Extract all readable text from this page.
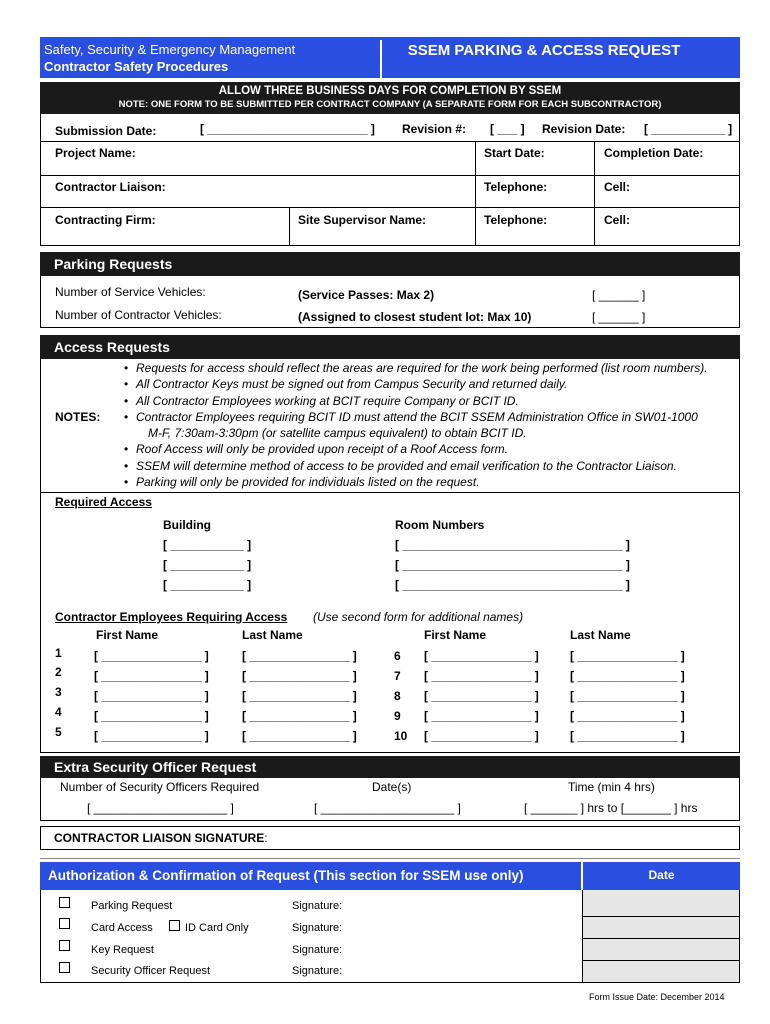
Safety, Security & Emergency Management
Contractor Safety Procedures
SSEM PARKING & ACCESS REQUEST
ALLOW THREE BUSINESS DAYS FOR COMPLETION BY SSEM
NOTE: ONE FORM TO BE SUBMITTED PER CONTRACT COMPANY (A SEPARATE FORM FOR EACH SUBCONTRACTOR)
Submission Date:	[ ________________________ ] Revision #: [ ___ ] Revision Date: [ ___________ ]
Project Name:	Start Date:	Completion Date:
Contractor Liaison:	Telephone:	Cell:
Contracting Firm:	Site Supervisor Name:	Telephone:	Cell:
Parking Requests
Number of Service Vehicles:	(Service Passes: Max 2)	[ ______ ]
Number of Contractor Vehicles:	(Assigned to closest student lot: Max 10)	[ ______ ]
Access Requests
NOTES:
• Requests for access should reflect the areas are required for the work being performed (list room numbers).
• All Contractor Keys must be signed out from Campus Security and returned daily.
• All Contractor Employees working at BCIT require Company or BCIT ID.
• Contractor Employees requiring BCIT ID must attend the BCIT SSEM Administration Office in SW01-1000
M-F, 7:30am-3:30pm (or satellite campus equivalent) to obtain BCIT ID.
• Roof Access will only be provided upon receipt of a Roof Access form.
• SSEM will determine method of access to be provided and email verification to the Contractor Liaison.
• Parking will only be provided for individuals listed on the request.
Required Access
Building	Room Numbers
[ ___________ ]	[ _________________________________ ]
[ ___________ ]	[ _________________________________ ]
[ ___________ ]	[ _________________________________ ]
Contractor Employees Requiring Access (Use second form for additional names)
First Name	Last Name	First Name	Last Name
1	[ _______________ ]	[ _______________ ]	6 [ _______________ ]	[ _______________ ]
2	[ _______________ ]	[ _______________ ]	7 [ _______________ ]	[ _______________ ]
3	[ _______________ ]	[ _______________ ]	8 [ _______________ ]	[ _______________ ]
4	[ _______________ ]	[ _______________ ]	9 [ _______________ ]	[ _______________ ]
5	[ _______________ ]	[ _______________ ]	10 [ _______________ ]	[ _______________ ]
Extra Security Officer Request
Number of Security Officers Required	Date(s)	Time (min 4 hrs)
[ ____________________ ]	[ ____________________ ]	[ _______ ] hrs to [_______ ] hrs
CONTRACTOR LIAISON SIGNATURE:
Authorization & Confirmation of Request (This section for SSEM use only)	Date
Parking Request	Signature:
Card Access	ID Card Only	Signature:
Key Request	Signature:
Security Officer Request	Signature:
Form Issue Date: December 2014
